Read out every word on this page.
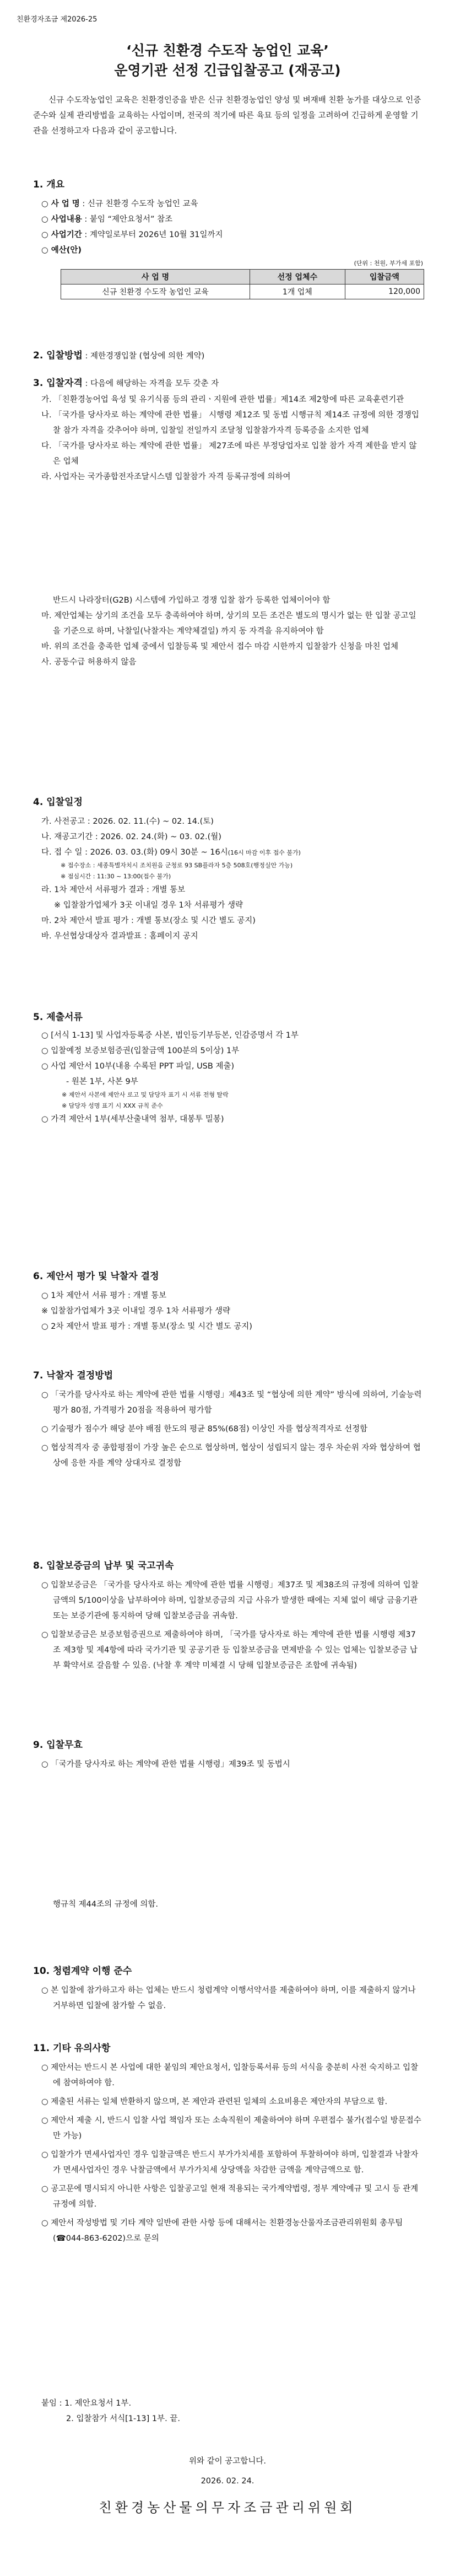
친환경자조금 제2026-25

‘신규 친환경 수도작 농업인 교육’

운영기관 선정 긴급입찰공고 (재공고)

신규 수도작농업인 교육은 친환경인증을 받은 신규 친환경농업인 양성 및 벼재배 친환 농가를 대상으로 인증 준수와 실제 관리방법을 교육하는 사업이며, 전국의 적기에 따른 육묘 등의 일정을 고려하여 긴급하게 운영할 기관을 선정하고자 다음과 같이 공고합니다.

1. 개요

○ 사 업 명 : 신규 친환경 수도작 농업인 교육

○ 사업내용 : 붙임 “제안요청서” 참조

○ 사업기간 : 계약일로부터 2026년 10월 31일까지

○ 예산(안)

(단위 : 천원, 부가세 포함)

사 업 명	선정 업체수	입찰금액
신규 친환경 수도작 농업인 교육	1개 업체	120,000

2. 입찰방법 : 제한경쟁입찰 (협상에 의한 계약)

3. 입찰자격 : 다음에 해당하는 자격을 모두 갖춘 자

가. 「친환경농어업 육성 및 유기식품 등의 관리ㆍ지원에 관한 법률」제14조 제2항에 따른 교육훈련기관

나. 「국가를 당사자로 하는 계약에 관한 법률」 시행령 제12조 및 동법 시행규칙 제14조 규정에 의한 경쟁입찰 참가 자격을 갖추어야 하며, 입찰일 전일까지 조달청 입찰참가자격 등록증을 소지한 업체

다. 「국가를 당사자로 하는 계약에 관한 법률」 제27조에 따른 부정당업자로 입찰 참가 자격 제한을 받지 않은 업체

라. 사업자는 국가종합전자조달시스템 입찰참가 자격 등록규정에 의하여

반드시 나라장터(G2B) 시스템에 가입하고 경쟁 입찰 참가 등록한 업체이어야 함

마. 제안업체는 상기의 조건을 모두 충족하여야 하며, 상기의 모든 조건은 별도의 명시가 없는 한 입찰 공고일을 기준으로 하며, 낙찰일(낙찰자는 계약체결일) 까지 동 자격을 유지하여야 함

바. 위의 조건을 충족한 업체 중에서 입찰등록 및 제안서 접수 마감 시한까지 입찰참가 신청을 마친 업체

사. 공동수급 허용하지 않음

4. 입찰일정

가. 사전공고 : 2026. 02. 11.(수) ~ 02. 14.(토)

나. 재공고기간 : 2026. 02. 24.(화) ~ 03. 02.(월)

다. 접 수 일 : 2026. 03. 03.(화) 09시 30분 ~ 16시(16시 마감 이후 접수 불가)

※ 접수장소 : 세종특별자치시 조치원읍 군청로 93 SB플라자 5층 508호(행정실안 가능)

※ 점심시간 : 11:30 ~ 13:00(접수 불가)

라. 1차 제안서 서류평가 결과 : 개별 통보

※ 입찰참가업체가 3곳 이내일 경우 1차 서류평가 생략

마. 2차 제안서 발표 평가 : 개별 통보(장소 및 시간 별도 공지)

바. 우선협상대상자 결과발표 : 홈페이지 공지

5. 제출서류

○ [서식 1-13] 및 사업자등록증 사본, 법인등기부등본, 인감증명서 각 1부

○ 입찰예정 보증보험증권(입찰금액 100분의 5이상) 1부

○ 사업 제안서 10부(내용 수록된 PPT 파일, USB 제출)

- 원본 1부, 사본 9부

※ 제안서 사본에 제안사 로고 및 담당자 표기 시 서류 전형 탈락

※ 담당자 성명 표기 시 XXX 규칙 준수

○ 가격 제안서 1부(세부산출내역 첨부, 대봉투 밀봉)

6. 제안서 평가 및 낙찰자 결정

○ 1차 제안서 서류 평가 : 개별 통보

※ 입찰참가업체가 3곳 이내일 경우 1차 서류평가 생략

○ 2차 제안서 발표 평가 : 개별 통보(장소 및 시간 별도 공지)

7. 낙찰자 결정방법

○ 「국가를 당사자로 하는 계약에 관한 법률 시행령」제43조 및 “협상에 의한 계약” 방식에 의하여, 기술능력평가 80점, 가격평가 20점을 적용하여 평가함

○ 기술평가 점수가 해당 분야 배점 한도의 평균 85%(68점) 이상인 자를 협상적격자로 선정함

○ 협상적격자 중 종합평점이 가장 높은 순으로 협상하며, 협상이 성립되지 않는 경우 차순위 자와 협상하여 협상에 응한 자를 계약 상대자로 결정함

8. 입찰보증금의 납부 및 국고귀속

○ 입찰보증금은 「국가를 당사자로 하는 계약에 관한 법률 시행령」제37조 및 제38조의 규정에 의하여 입찰금액의 5/100이상을 납부하여야 하며, 입찰보증금의 지급 사유가 발생한 때에는 지체 없이 해당 금융기관 또는 보증기관에 통지하여 당해 입찰보증금을 귀속함.

○ 입찰보증금은 보증보험증권으로 제출하여야 하며, 「국가를 당사자로 하는 계약에 관한 법률 시행령 제37조 제3항 및 제4항에 따라 국가기관 및 공공기관 등 입찰보증금을 면제받을 수 있는 업체는 입찰보증금 납부 확약서로 갈음할 수 있음. (낙찰 후 계약 미체결 시 당해 입찰보증금은 조합에 귀속됨)

9. 입찰무효

○ 「국가를 당사자로 하는 계약에 관한 법률 시행령」제39조 및 동법시

행규칙 제44조의 규정에 의함.

10. 청렴계약 이행 준수

○ 본 입찰에 참가하고자 하는 업체는 반드시 청렴계약 이행서약서를 제출하여야 하며, 이를 제출하지 않거나 거부하면 입찰에 참가할 수 없음.

11. 기타 유의사항

○ 제안서는 반드시 본 사업에 대한 붙임의 제안요청서, 입찰등록서류 등의 서식을 충분히 사전 숙지하고 입찰에 참여하여야 함.

○ 제출된 서류는 일체 반환하지 않으며, 본 제안과 관련된 일체의 소요비용은 제안자의 부담으로 함.

○ 제안서 제출 시, 반드시 입찰 사업 책임자 또는 소속직원이 제출하여야 하며 우편접수 불가(접수일 방문접수만 가능)

○ 입찰가가 면세사업자인 경우 입찰금액은 반드시 부가가치세를 포함하여 투찰하여야 하며, 입찰결과 낙찰자가 면세사업자인 경우 낙찰금액에서 부가가치세 상당액을 차감한 금액을 계약금액으로 함.

○ 공고문에 명시되지 아니한 사항은 입찰공고일 현재 적용되는 국가계약법령, 정부 계약예규 및 고시 등 관계 규정에 의함.

○ 제안서 작성방법 및 기타 계약 일반에 관한 사항 등에 대해서는 친환경농산물자조금관리위원회 총무팀(☎044-863-6202)으로 문의

붙임 : 1. 제안요청서 1부.

2. 입찰참가 서식[1-13] 1부. 끝.

위와 같이 공고합니다.

2026. 02. 24.

친환경농산물의무자조금관리위원회
